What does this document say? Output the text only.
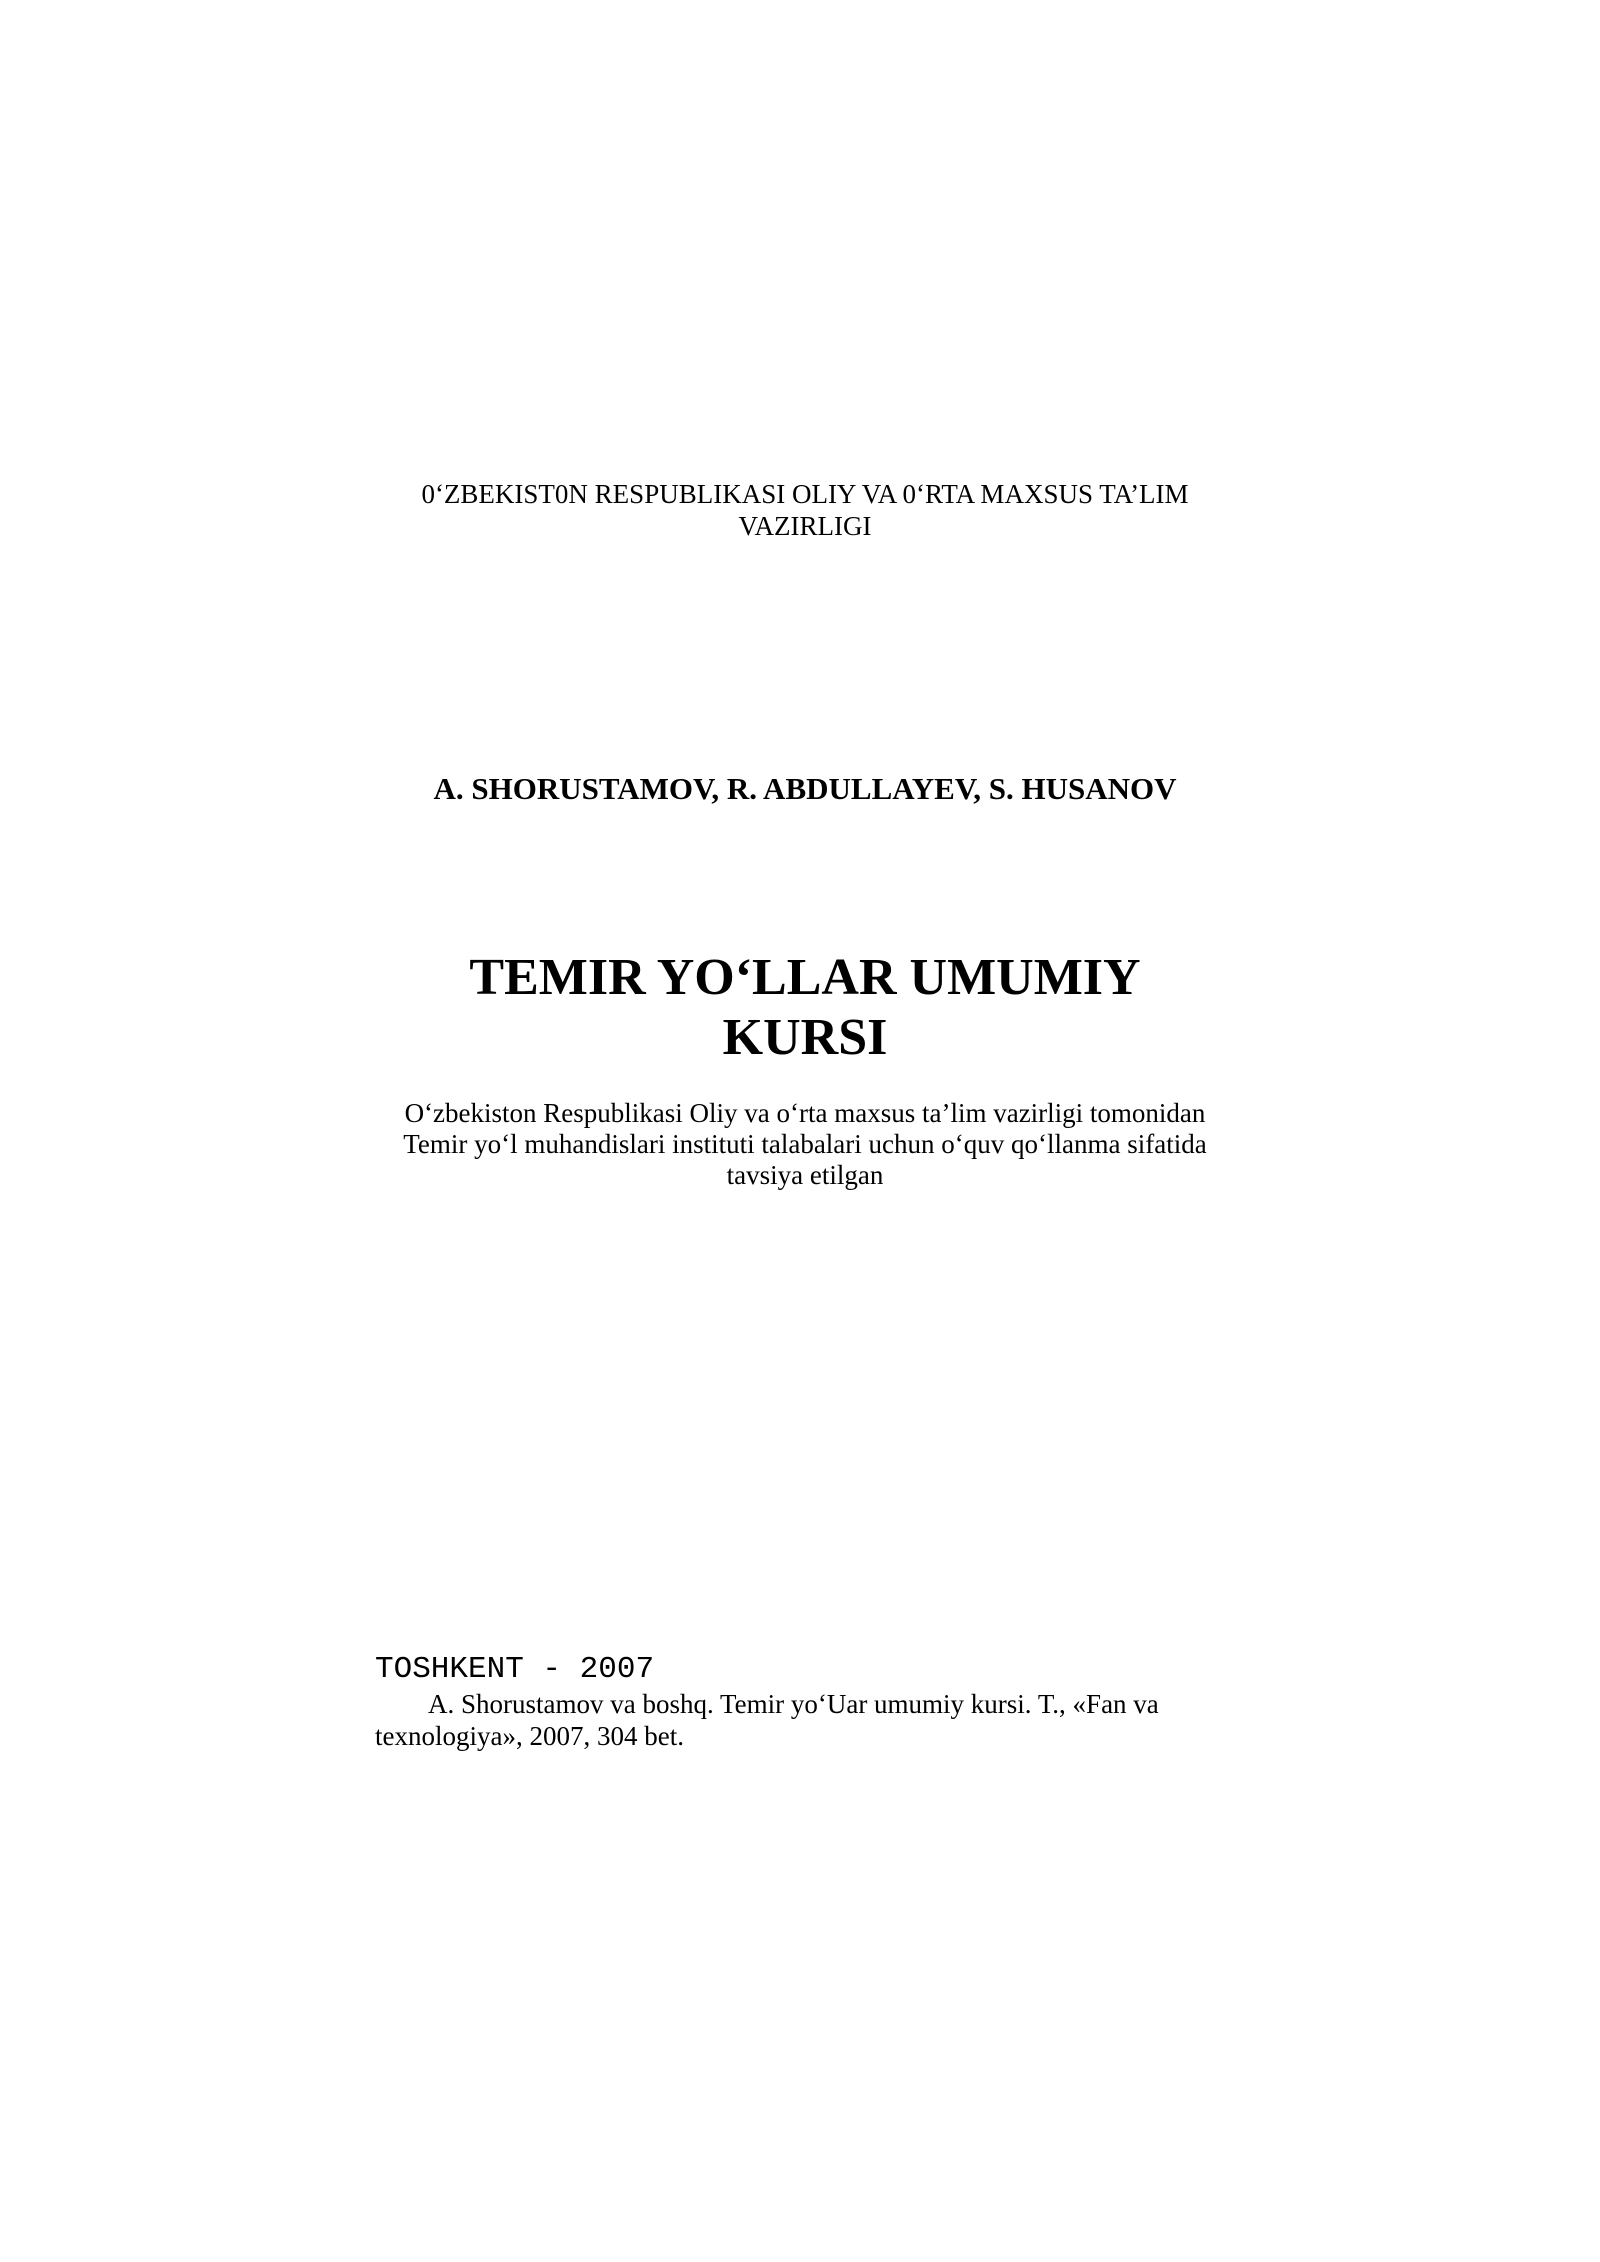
0‘ZBEKIST0N RESPUBLIKASI OLIY VA 0‘RTA MAXSUS TA’LIM
VAZIRLIGI
A. SHORUSTAMOV, R. ABDULLAYEV, S. HUSANOV
TEMIR YO‘LLAR UMUMIY
KURSI
O‘zbekiston Respublikasi Oliy va o‘rta maxsus ta’lim vazirligi tomonidan
Temir yo‘l muhandislari instituti talabalari uchun o‘quv qo‘llanma sifatida
tavsiya etilgan
TOSHKENT - 2007
A. Shorustamov va boshq. Temir yo‘Uar umumiy kursi. T., «Fan va texnologiya», 2007, 304 bet.
